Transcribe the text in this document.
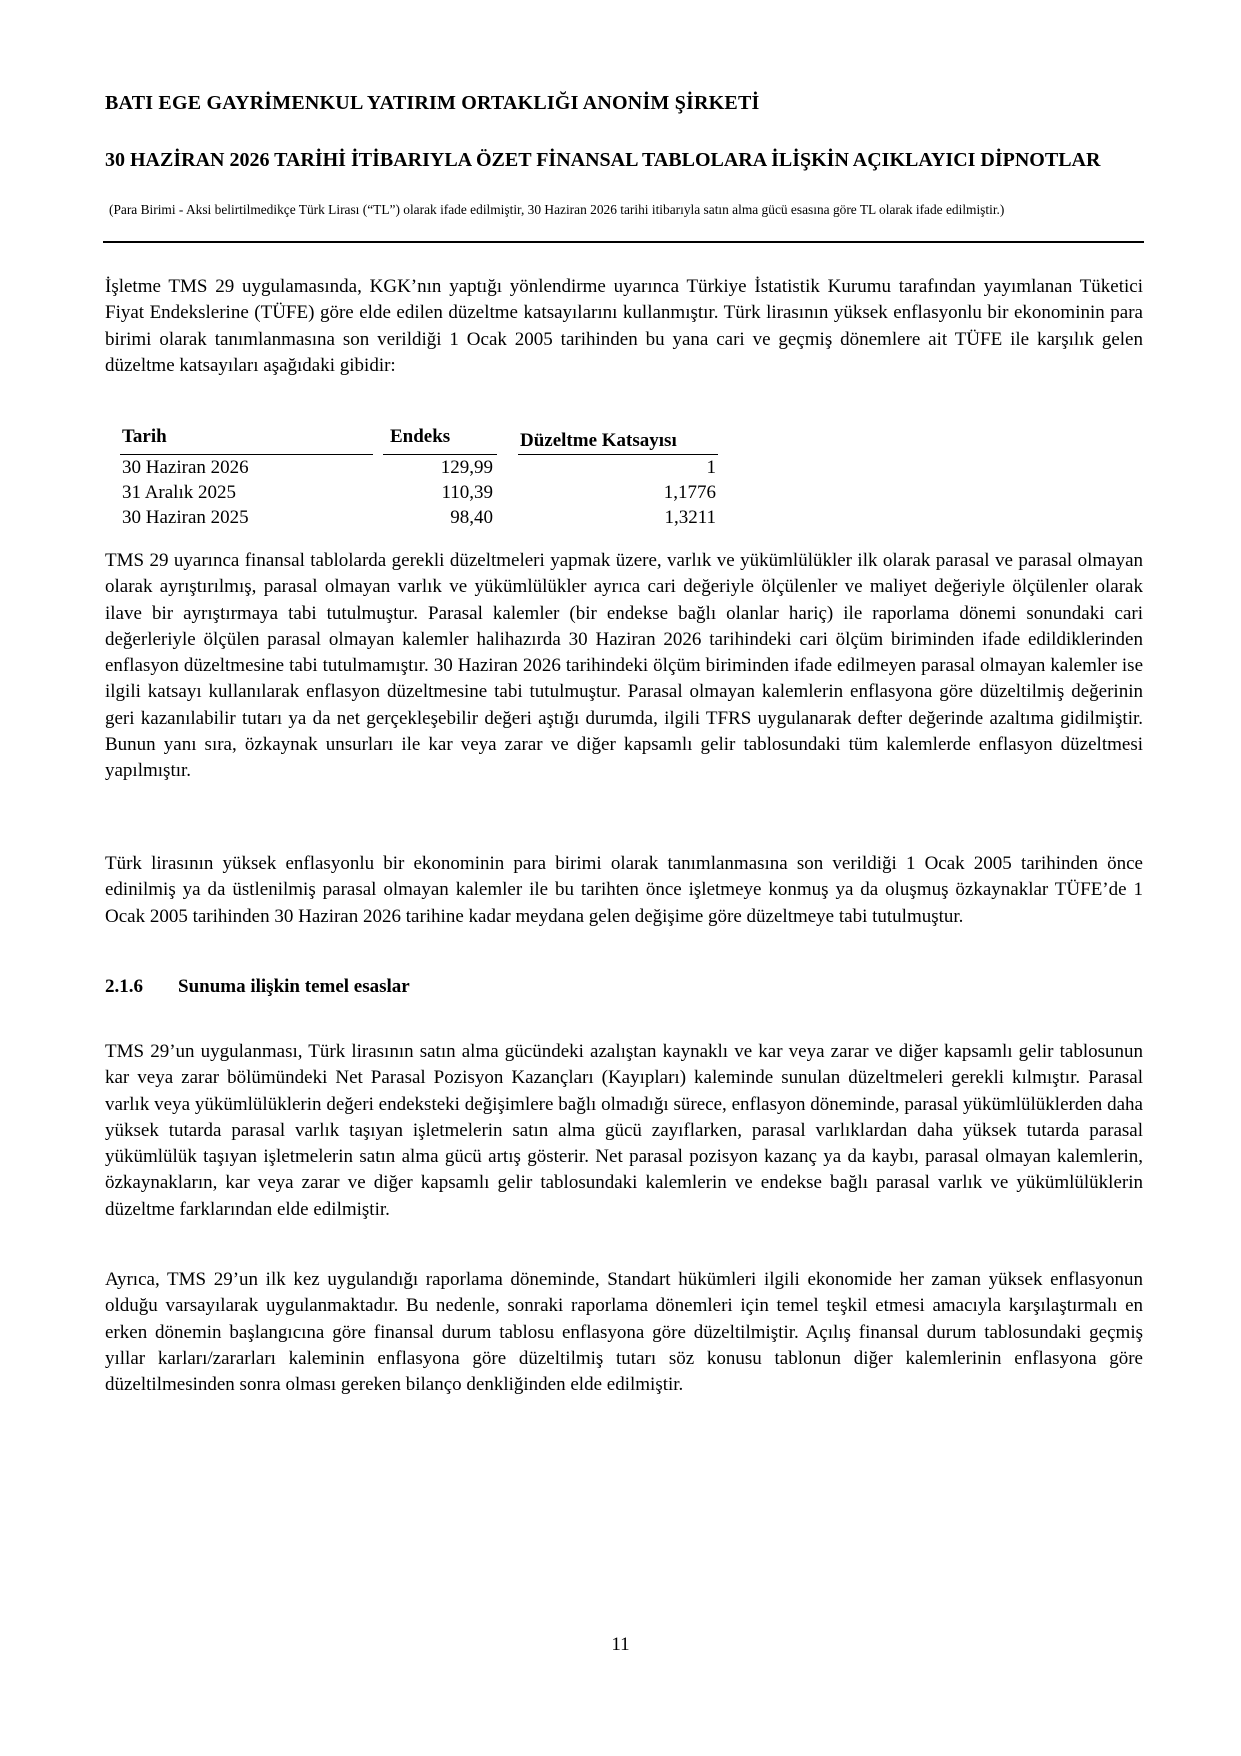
BATI EGE GAYRİMENKUL YATIRIM ORTAKLIĞI ANONİM ŞİRKETİ
30 HAZİRAN 2026 TARİHİ İTİBARIYLA ÖZET FİNANSAL TABLOLARA İLİŞKİN AÇIKLAYICI DİPNOTLAR
(Para Birimi - Aksi belirtilmedikçe Türk Lirası (“TL”) olarak ifade edilmiştir, 30 Haziran 2026 tarihi itibarıyla satın alma gücü esasına göre TL olarak ifade edilmiştir.)

İşletme TMS 29 uygulamasında, KGK’nın yaptığı yönlendirme uyarınca Türkiye İstatistik Kurumu tarafından yayımlanan Tüketici Fiyat Endekslerine (TÜFE) göre elde edilen düzeltme katsayılarını kullanmıştır. Türk lirasının yüksek enflasyonlu bir ekonominin para birimi olarak tanımlanmasına son verildiği 1 Ocak 2005 tarihinden bu yana cari ve geçmiş dönemlere ait TÜFE ile karşılık gelen düzeltme katsayıları aşağıdaki gibidir:

Tarih	Endeks	Düzeltme Katsayısı
30 Haziran 2026	129,99	1
31 Aralık 2025	110,39	1,1776
30 Haziran 2025	98,40	1,3211

TMS 29 uyarınca finansal tablolarda gerekli düzeltmeleri yapmak üzere, varlık ve yükümlülükler ilk olarak parasal ve parasal olmayan olarak ayrıştırılmış, parasal olmayan varlık ve yükümlülükler ayrıca cari değeriyle ölçülenler ve maliyet değeriyle ölçülenler olarak ilave bir ayrıştırmaya tabi tutulmuştur. Parasal kalemler (bir endekse bağlı olanlar hariç) ile raporlama dönemi sonundaki cari değerleriyle ölçülen parasal olmayan kalemler halihazırda 30 Haziran 2026 tarihindeki cari ölçüm biriminden ifade edildiklerinden enflasyon düzeltmesine tabi tutulmamıştır. 30 Haziran 2026 tarihindeki ölçüm biriminden ifade edilmeyen parasal olmayan kalemler ise ilgili katsayı kullanılarak enflasyon düzeltmesine tabi tutulmuştur. Parasal olmayan kalemlerin enflasyona göre düzeltilmiş değerinin geri kazanılabilir tutarı ya da net gerçekleşebilir değeri aştığı durumda, ilgili TFRS uygulanarak defter değerinde azaltıma gidilmiştir. Bunun yanı sıra, özkaynak unsurları ile kar veya zarar ve diğer kapsamlı gelir tablosundaki tüm kalemlerde enflasyon düzeltmesi yapılmıştır.

Türk lirasının yüksek enflasyonlu bir ekonominin para birimi olarak tanımlanmasına son verildiği 1 Ocak 2005 tarihinden önce edinilmiş ya da üstlenilmiş parasal olmayan kalemler ile bu tarihten önce işletmeye konmuş ya da oluşmuş özkaynaklar TÜFE’de 1 Ocak 2005 tarihinden 30 Haziran 2026 tarihine kadar meydana gelen değişime göre düzeltmeye tabi tutulmuştur.

2.1.6 Sunuma ilişkin temel esaslar

TMS 29’un uygulanması, Türk lirasının satın alma gücündeki azalıştan kaynaklı ve kar veya zarar ve diğer kapsamlı gelir tablosunun kar veya zarar bölümündeki Net Parasal Pozisyon Kazançları (Kayıpları) kaleminde sunulan düzeltmeleri gerekli kılmıştır. Parasal varlık veya yükümlülüklerin değeri endeksteki değişimlere bağlı olmadığı sürece, enflasyon döneminde, parasal yükümlülüklerden daha yüksek tutarda parasal varlık taşıyan işletmelerin satın alma gücü zayıflarken, parasal varlıklardan daha yüksek tutarda parasal yükümlülük taşıyan işletmelerin satın alma gücü artış gösterir. Net parasal pozisyon kazanç ya da kaybı, parasal olmayan kalemlerin, özkaynakların, kar veya zarar ve diğer kapsamlı gelir tablosundaki kalemlerin ve endekse bağlı parasal varlık ve yükümlülüklerin düzeltme farklarından elde edilmiştir.

Ayrıca, TMS 29’un ilk kez uygulandığı raporlama döneminde, Standart hükümleri ilgili ekonomide her zaman yüksek enflasyonun olduğu varsayılarak uygulanmaktadır. Bu nedenle, sonraki raporlama dönemleri için temel teşkil etmesi amacıyla karşılaştırmalı en erken dönemin başlangıcına göre finansal durum tablosu enflasyona göre düzeltilmiştir. Açılış finansal durum tablosundaki geçmiş yıllar karları/zararları kaleminin enflasyona göre düzeltilmiş tutarı söz konusu tablonun diğer kalemlerinin enflasyona göre düzeltilmesinden sonra olması gereken bilanço denkliğinden elde edilmiştir.

11
